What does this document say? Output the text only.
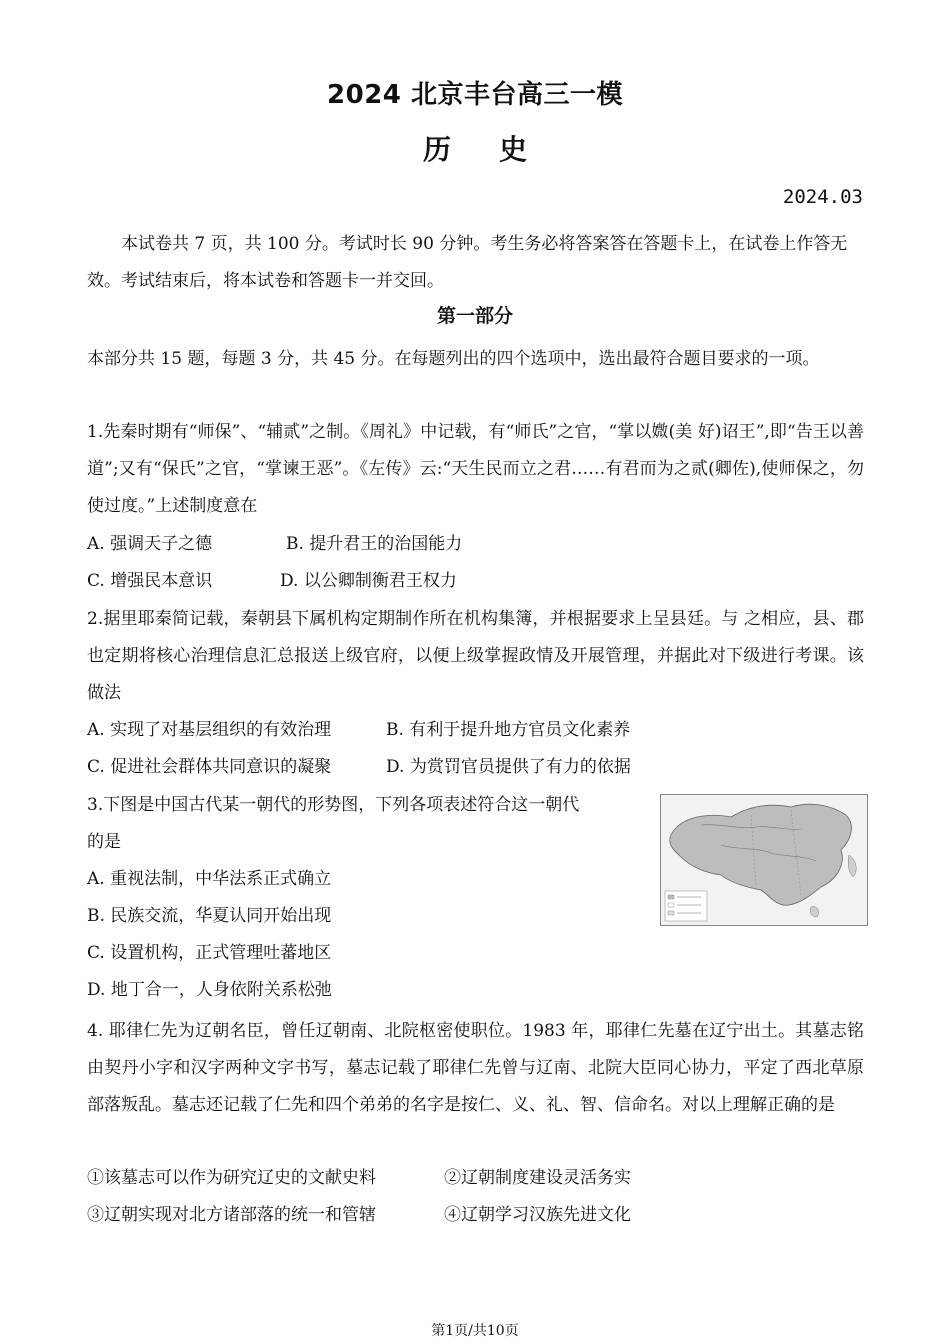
2024 北京丰台高三一模
历史
2024.03
本试卷共 7 页，共 100 分。考试时长 90 分钟。考生务必将答案答在答题卡上，在试卷上作答无效。考试结束后，将本试卷和答题卡一并交回。
第一部分
本部分共 15 题，每题 3 分，共 45 分。在每题列出的四个选项中，选出最符合题目要求的一项。
1.先秦时期有“师保”、“辅贰”之制。《周礼》中记载，有“师氏”之官，“掌以媺(美 好)诏王”,即“告王以善道”;又有“保氏”之官，“掌谏王恶”。《左传》云:“天生民而立之君……有君而为之贰(卿佐),使师保之，勿使过度。”上述制度意在
A. 强调天子之德	B. 提升君王的治国能力
C. 增强民本意识	D. 以公卿制衡君王权力
2.据里耶秦简记载，秦朝县下属机构定期制作所在机构集簿，并根据要求上呈县廷。与 之相应，县、郡也定期将核心治理信息汇总报送上级官府，以便上级掌握政情及开展管理，并据此对下级进行考课。该做法
A. 实现了对基层组织的有效治理	B. 有利于提升地方官员文化素养
C. 促进社会群体共同意识的凝聚	D. 为赏罚官员提供了有力的依据
3.下图是中国古代某一朝代的形势图，下列各项表述符合这一朝代
的是
A. 重视法制，中华法系正式确立
B. 民族交流，华夏认同开始出现
C. 设置机构，正式管理吐蕃地区
D. 地丁合一，人身依附关系松弛
4. 耶律仁先为辽朝名臣，曾任辽朝南、北院枢密使职位。1983 年，耶律仁先墓在辽宁出土。其墓志铭由契丹小字和汉字两种文字书写，墓志记载了耶律仁先曾与辽南、北院大臣同心协力，平定了西北草原部落叛乱。墓志还记载了仁先和四个弟弟的名字是按仁、义、礼、智、信命名。对以上理解正确的是
①该墓志可以作为研究辽史的文献史料	②辽朝制度建设灵活务实
③辽朝实现对北方诸部落的统一和管辖	④辽朝学习汉族先进文化
第1页/共10页
